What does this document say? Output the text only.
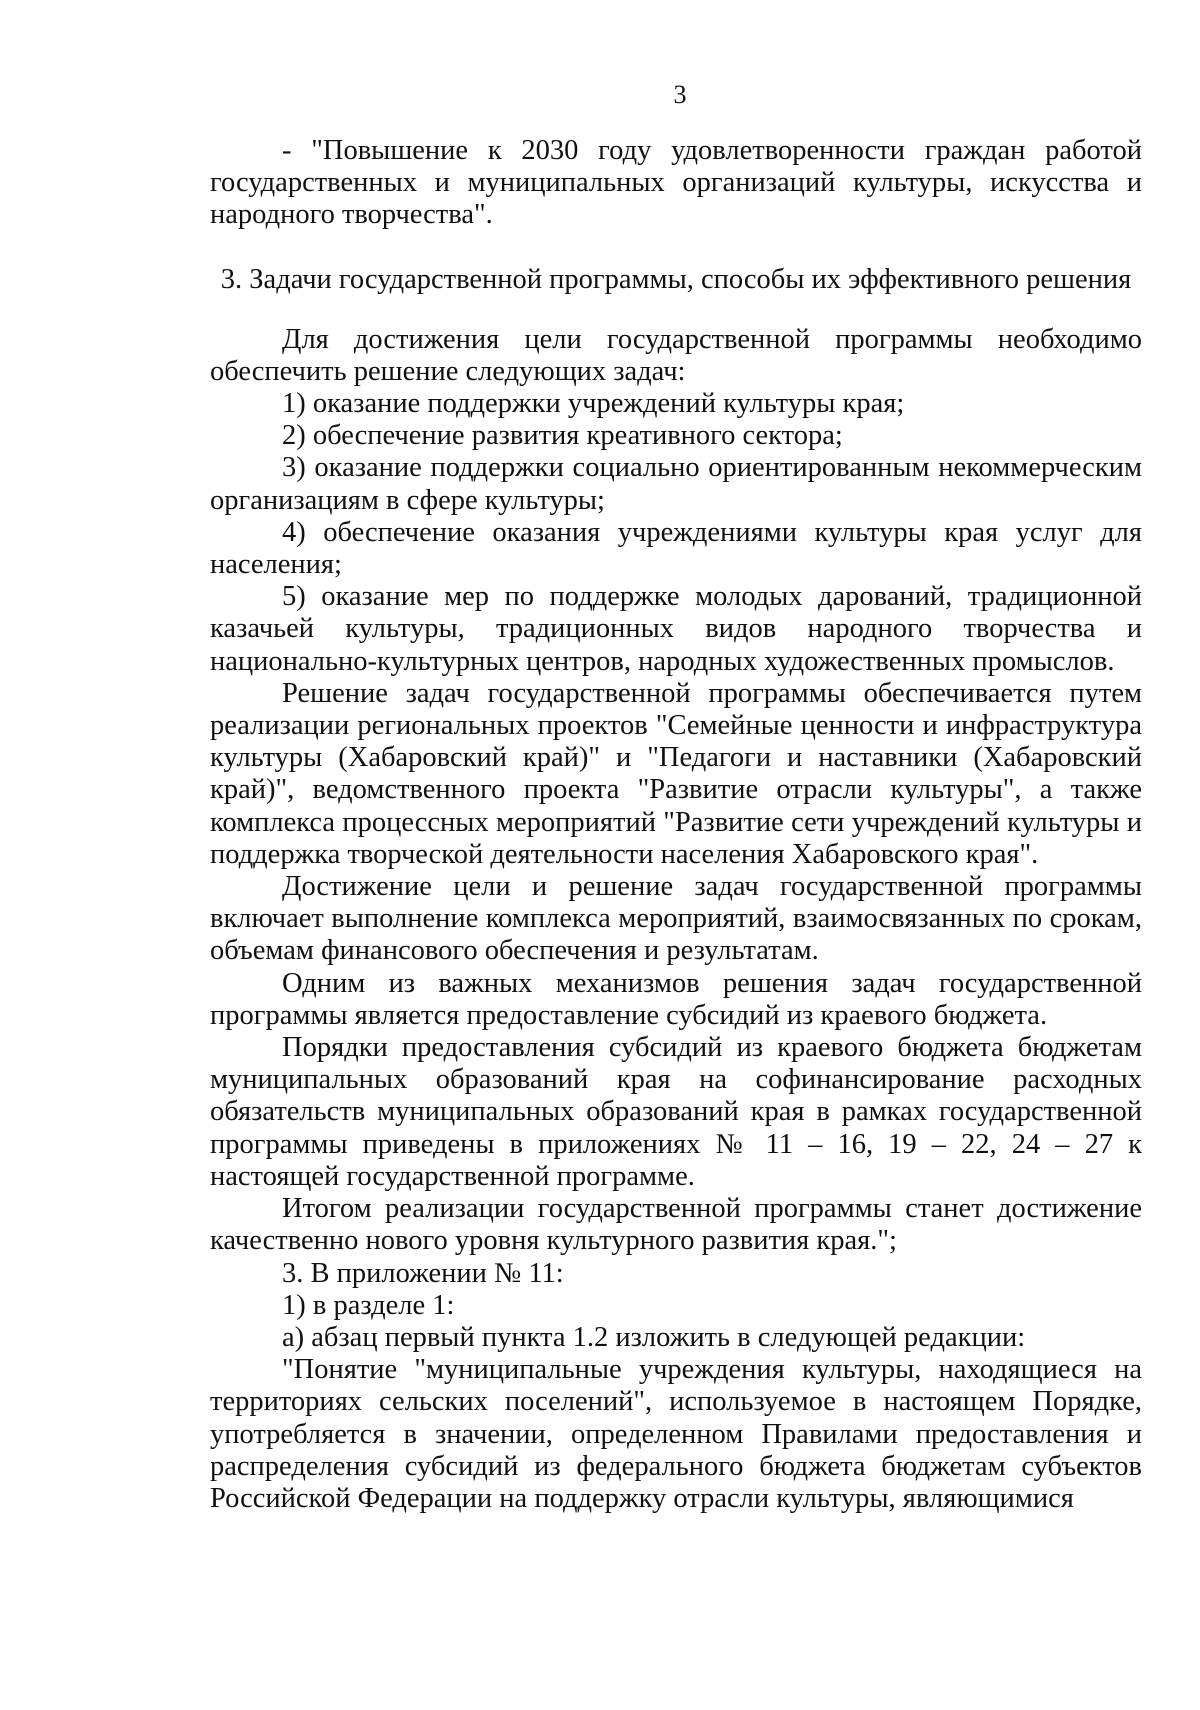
3

- "Повышение к 2030 году удовлетворенности граждан работой государственных и муниципальных организаций культуры, искусства и народного творчества".

3. Задачи государственной программы, способы их эффективного решения

Для достижения цели государственной программы необходимо обеспечить решение следующих задач:

1) оказание поддержки учреждений культуры края;

2) обеспечение развития креативного сектора;

3) оказание поддержки социально ориентированным некоммерческим организациям в сфере культуры;

4) обеспечение оказания учреждениями культуры края услуг для населения;

5) оказание мер по поддержке молодых дарований, традиционной казачьей культуры, традиционных видов народного творчества и национально-культурных центров, народных художественных промыслов.

Решение задач государственной программы обеспечивается путем реализации региональных проектов "Семейные ценности и инфраструктура культуры (Хабаровский край)" и "Педагоги и наставники (Хабаровский край)", ведомственного проекта "Развитие отрасли культуры", а также комплекса процессных мероприятий "Развитие сети учреждений культуры и поддержка творческой деятельности населения Хабаровского края".

Достижение цели и решение задач государственной программы включает выполнение комплекса мероприятий, взаимосвязанных по срокам, объемам финансового обеспечения и результатам.

Одним из важных механизмов решения задач государственной программы является предоставление субсидий из краевого бюджета.

Порядки предоставления субсидий из краевого бюджета бюджетам муниципальных образований края на софинансирование расходных обязательств муниципальных образований края в рамках государственной программы приведены в приложениях № 11 – 16, 19 – 22, 24 – 27 к настоящей государственной программе.

Итогом реализации государственной программы станет достижение качественно нового уровня культурного развития края.";

3. В приложении № 11:

1) в разделе 1:

а) абзац первый пункта 1.2 изложить в следующей редакции:

"Понятие "муниципальные учреждения культуры, находящиеся на территориях сельских поселений", используемое в настоящем Порядке, употребляется в значении, определенном Правилами предоставления и распределения субсидий из федерального бюджета бюджетам субъектов Российской Федерации на поддержку отрасли культуры, являющимися
